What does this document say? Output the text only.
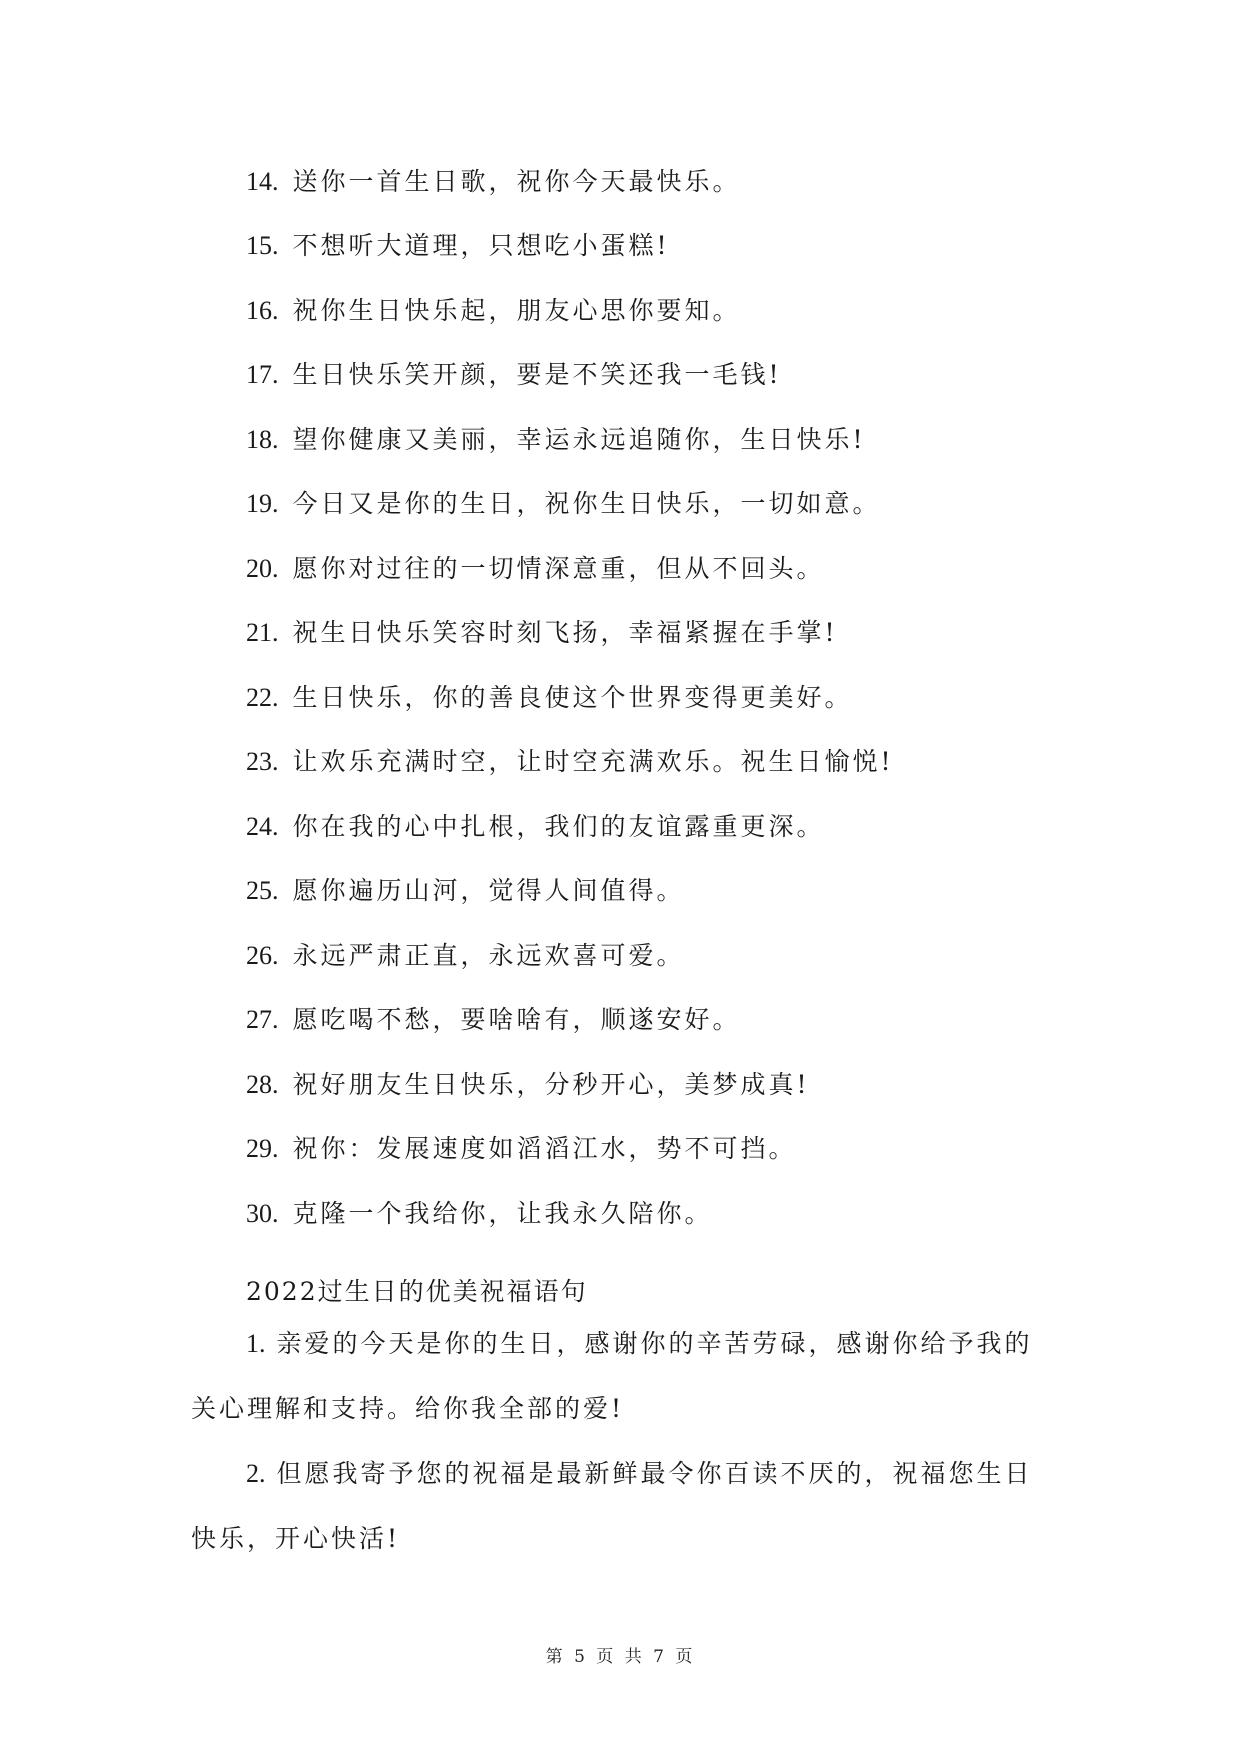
14. 送你一首生日歌，祝你今天最快乐。
15. 不想听大道理，只想吃小蛋糕!
16. 祝你生日快乐起，朋友心思你要知。
17. 生日快乐笑开颜，要是不笑还我一毛钱!
18. 望你健康又美丽，幸运永远追随你，生日快乐!
19. 今日又是你的生日，祝你生日快乐，一切如意。
20. 愿你对过往的一切情深意重，但从不回头。
21. 祝生日快乐笑容时刻飞扬，幸福紧握在手掌!
22. 生日快乐，你的善良使这个世界变得更美好。
23. 让欢乐充满时空，让时空充满欢乐。祝生日愉悦!
24. 你在我的心中扎根，我们的友谊露重更深。
25. 愿你遍历山河，觉得人间值得。
26. 永远严肃正直，永远欢喜可爱。
27. 愿吃喝不愁，要啥啥有，顺遂安好。
28. 祝好朋友生日快乐，分秒开心，美梦成真!
29. 祝你：发展速度如滔滔江水，势不可挡。
30. 克隆一个我给你，让我永久陪你。
2022过生日的优美祝福语句
1. 亲爱的今天是你的生日，感谢你的辛苦劳碌，感谢你给予我的关心理解和支持。给你我全部的爱!
2. 但愿我寄予您的祝福是最新鲜最令你百读不厌的，祝福您生日快乐，开心快活!
第 5 页 共 7 页
